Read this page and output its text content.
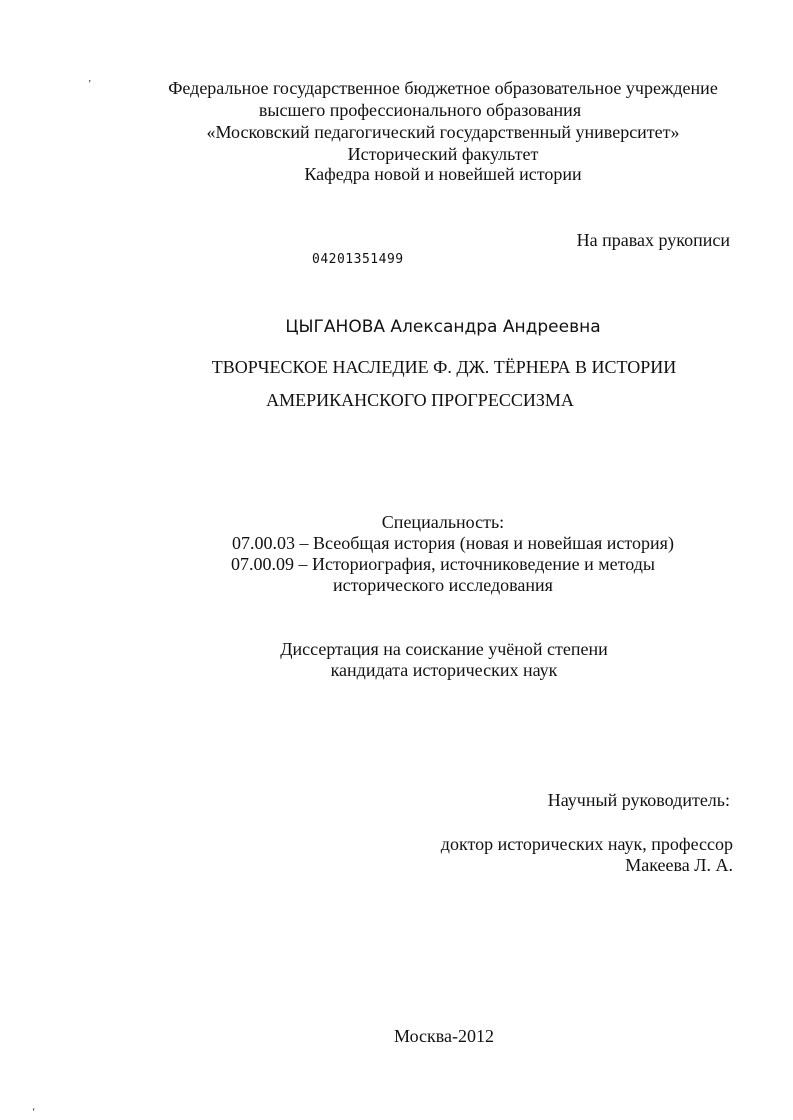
’	Федеральное государственное бюджетное образовательное учреждение
высшего профессионального образования
«Московский педагогический государственный университет»
Исторический факультет
Кафедра новой и новейшей истории
На правах рукописи
04201351499
ЦЫГАНОВА Александра Андреевна
ТВОРЧЕСКОЕ НАСЛЕДИЕ Ф. ДЖ. ТЁРНЕРА В ИСТОРИИ
АМЕРИКАНСКОГО ПРОГРЕССИЗМА
Специальность:
07.00.03 – Всеобщая история (новая и новейшая история)
07.00.09 – Историография, источниковедение и методы
исторического исследования
Диссертация на соискание учёной степени
кандидата исторических наук
Научный руководитель:
доктор исторических наук, профессор
Макеева Л. А.
Москва-2012
‘
